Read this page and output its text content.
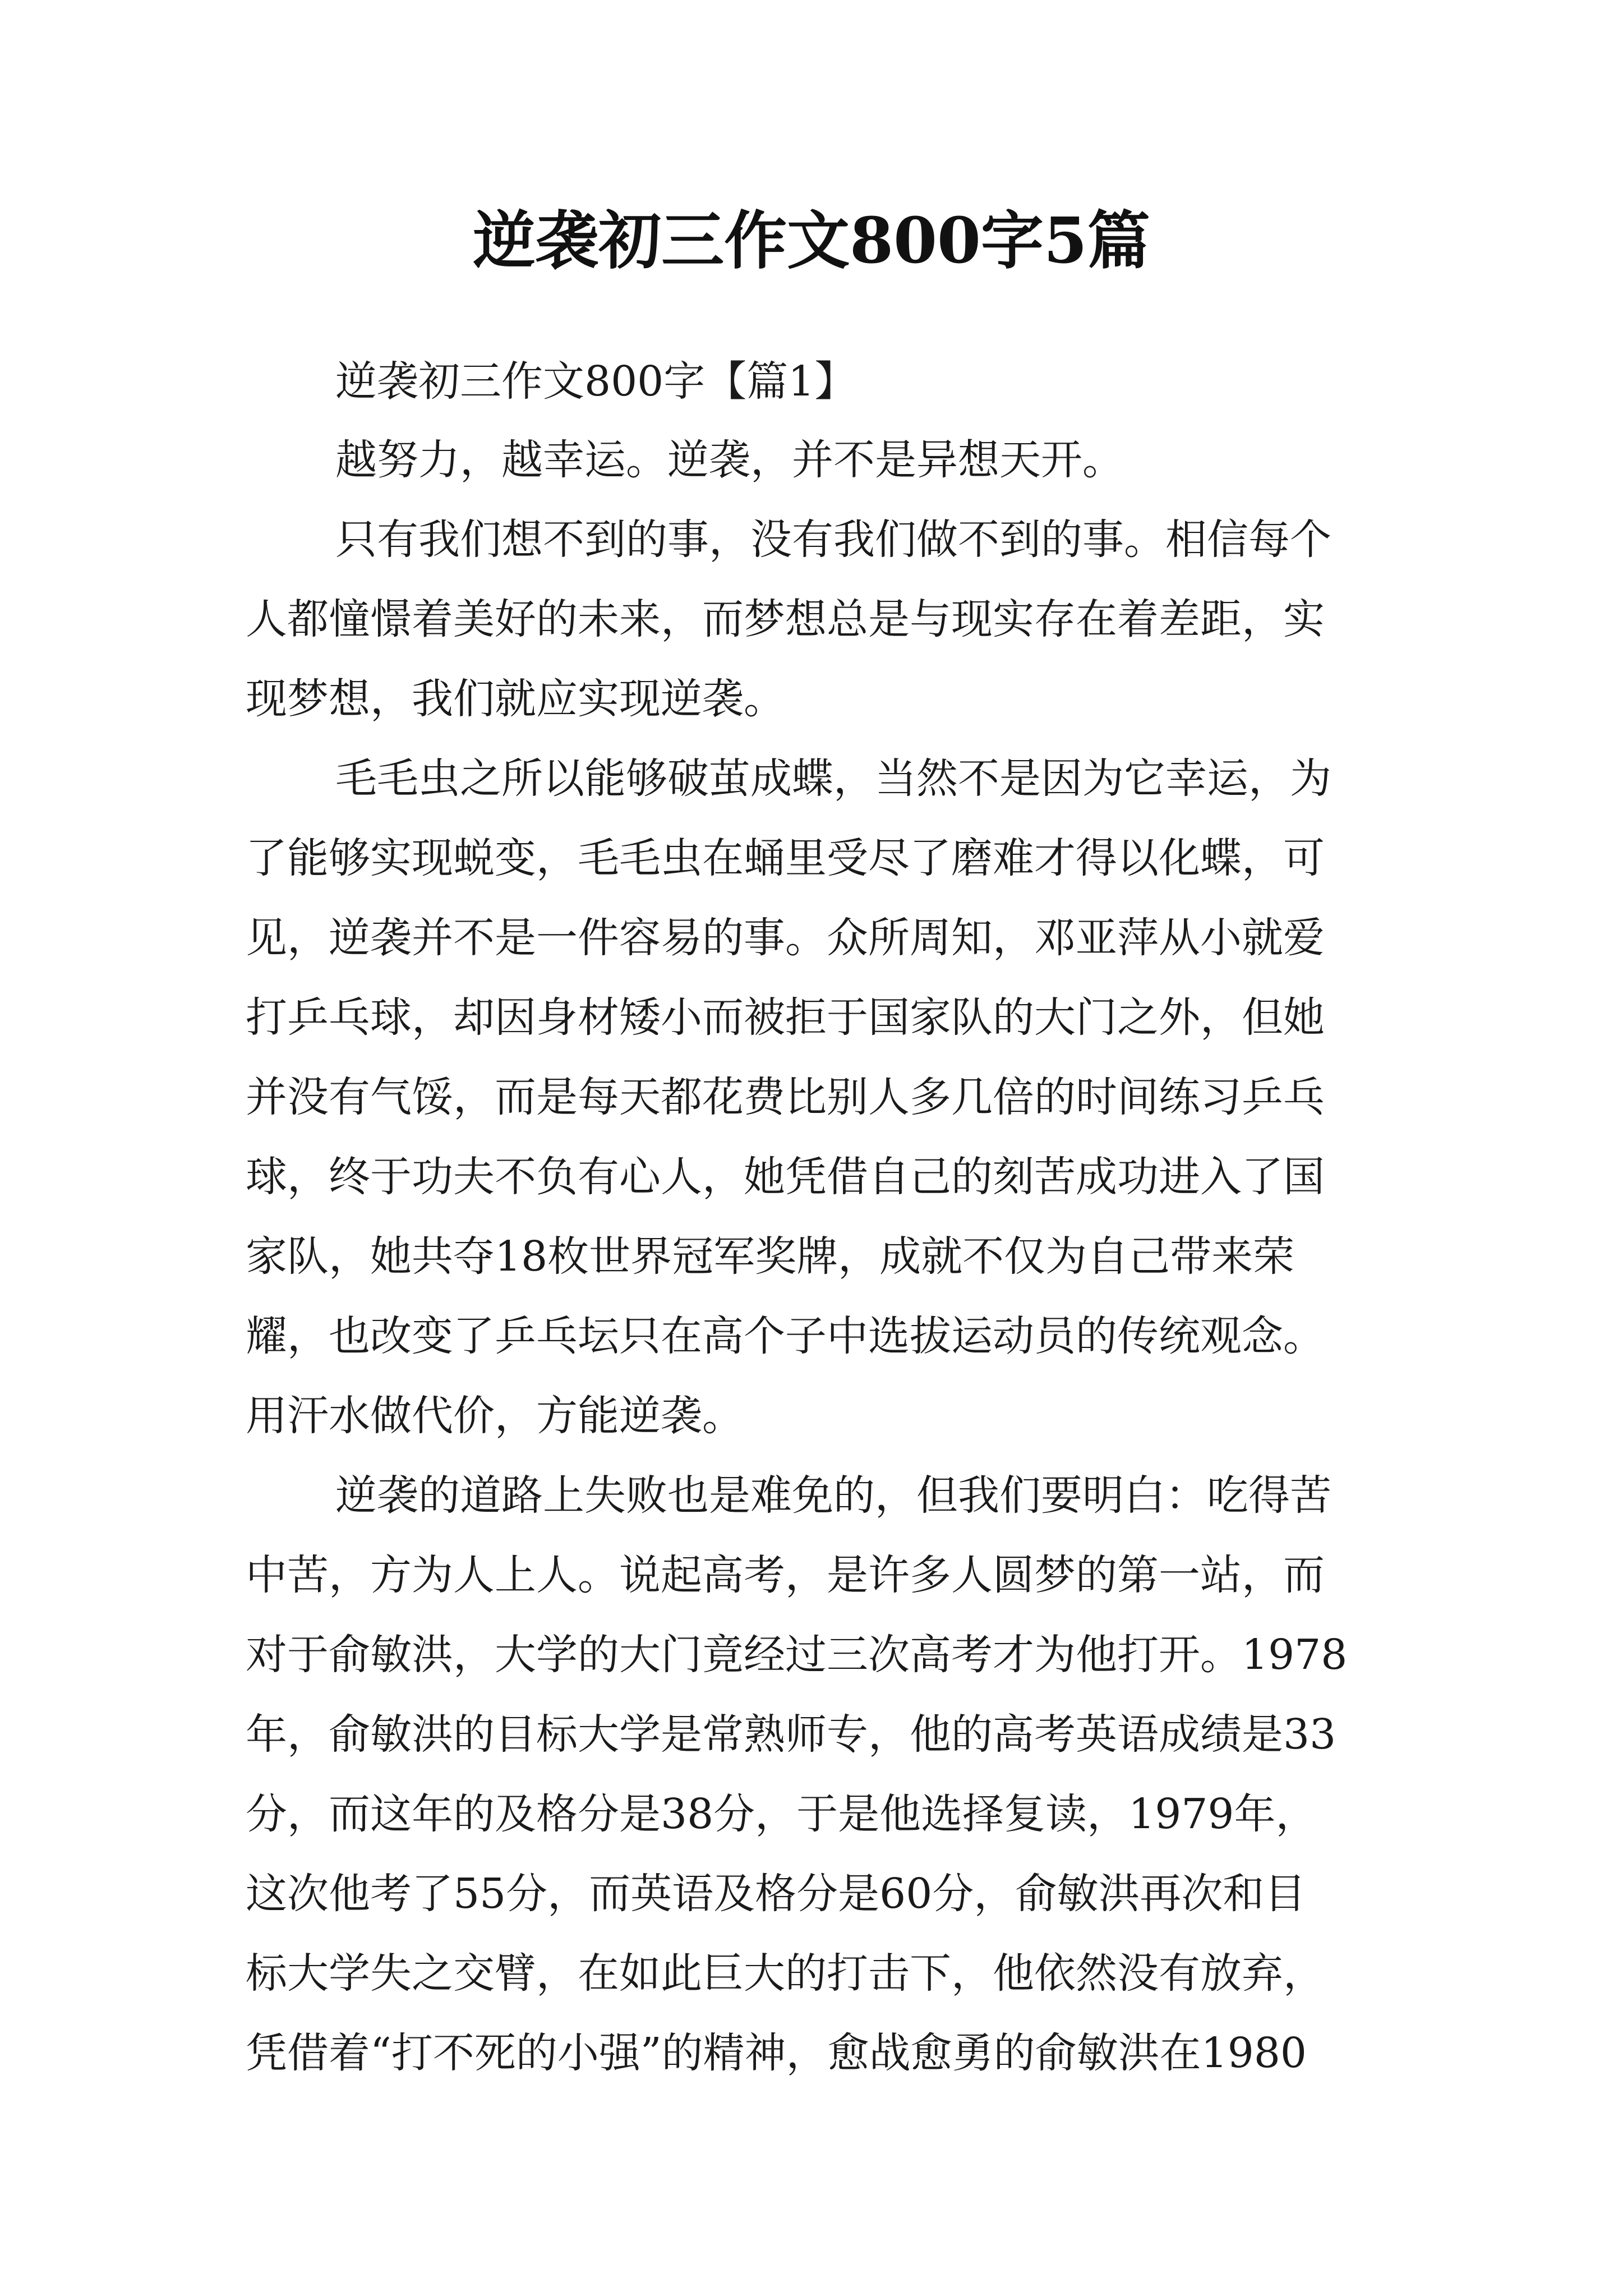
逆袭初三作文800字5篇

逆袭初三作文800字【篇1】

越努力，越幸运。逆袭，并不是异想天开。

只有我们想不到的事，没有我们做不到的事。相信每个

人都憧憬着美好的未来，而梦想总是与现实存在着差距，实

现梦想，我们就应实现逆袭。

毛毛虫之所以能够破茧成蝶，当然不是因为它幸运，为

了能够实现蜕变，毛毛虫在蛹里受尽了磨难才得以化蝶，可

见，逆袭并不是一件容易的事。众所周知，邓亚萍从小就爱

打乒乓球，却因身材矮小而被拒于国家队的大门之外，但她

并没有气馁，而是每天都花费比别人多几倍的时间练习乒乓

球，终于功夫不负有心人，她凭借自己的刻苦成功进入了国

家队，她共夺18枚世界冠军奖牌，成就不仅为自己带来荣

耀，也改变了乒乓坛只在高个子中选拔运动员的传统观念。

用汗水做代价，方能逆袭。

逆袭的道路上失败也是难免的，但我们要明白：吃得苦

中苦，方为人上人。说起高考，是许多人圆梦的第一站，而

对于俞敏洪，大学的大门竟经过三次高考才为他打开。1978

年，俞敏洪的目标大学是常熟师专，他的高考英语成绩是33

分，而这年的及格分是38分，于是他选择复读，1979年，

这次他考了55分，而英语及格分是60分，俞敏洪再次和目

标大学失之交臂，在如此巨大的打击下，他依然没有放弃，

凭借着“打不死的小强”的精神，愈战愈勇的俞敏洪在1980
